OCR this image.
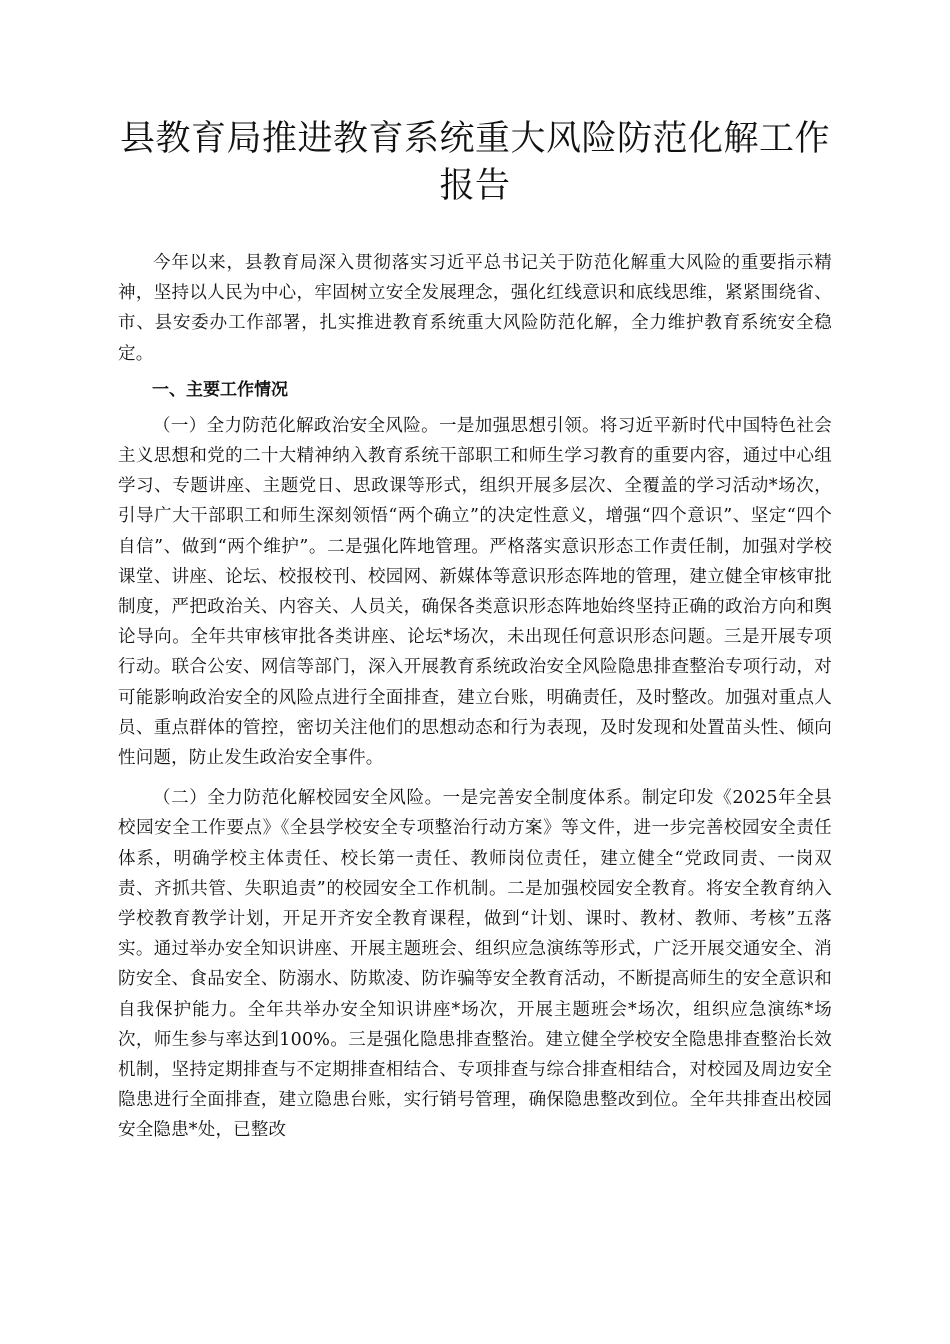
县教育局推进教育系统重大风险防范化解工作报告

今年以来，县教育局深入贯彻落实习近平总书记关于防范化解重大风险的重要指示精神，坚持以人民为中心，牢固树立安全发展理念，强化红线意识和底线思维，紧紧围绕省、市、县安委办工作部署，扎实推进教育系统重大风险防范化解，全力维护教育系统安全稳定。

一、主要工作情况

（一）全力防范化解政治安全风险。一是加强思想引领。将习近平新时代中国特色社会主义思想和党的二十大精神纳入教育系统干部职工和师生学习教育的重要内容，通过中心组学习、专题讲座、主题党日、思政课等形式，组织开展多层次、全覆盖的学习活动*场次，引导广大干部职工和师生深刻领悟“两个确立”的决定性意义，增强“四个意识”、坚定“四个自信”、做到“两个维护”。二是强化阵地管理。严格落实意识形态工作责任制，加强对学校课堂、讲座、论坛、校报校刊、校园网、新媒体等意识形态阵地的管理，建立健全审核审批制度，严把政治关、内容关、人员关，确保各类意识形态阵地始终坚持正确的政治方向和舆论导向。全年共审核审批各类讲座、论坛*场次，未出现任何意识形态问题。三是开展专项行动。联合公安、网信等部门，深入开展教育系统政治安全风险隐患排查整治专项行动，对可能影响政治安全的风险点进行全面排查，建立台账，明确责任，及时整改。加强对重点人员、重点群体的管控，密切关注他们的思想动态和行为表现，及时发现和处置苗头性、倾向性问题，防止发生政治安全事件。

（二）全力防范化解校园安全风险。一是完善安全制度体系。制定印发《2025年全县校园安全工作要点》《全县学校安全专项整治行动方案》等文件，进一步完善校园安全责任体系，明确学校主体责任、校长第一责任、教师岗位责任，建立健全“党政同责、一岗双责、齐抓共管、失职追责”的校园安全工作机制。二是加强校园安全教育。将安全教育纳入学校教育教学计划，开足开齐安全教育课程，做到“计划、课时、教材、教师、考核”五落实。通过举办安全知识讲座、开展主题班会、组织应急演练等形式，广泛开展交通安全、消防安全、食品安全、防溺水、防欺凌、防诈骗等安全教育活动，不断提高师生的安全意识和自我保护能力。全年共举办安全知识讲座*场次，开展主题班会*场次，组织应急演练*场次，师生参与率达到100%。三是强化隐患排查整治。建立健全学校安全隐患排查整治长效机制，坚持定期排查与不定期排查相结合、专项排查与综合排查相结合，对校园及周边安全隐患进行全面排查，建立隐患台账，实行销号管理，确保隐患整改到位。全年共排查出校园安全隐患*处，已整改
